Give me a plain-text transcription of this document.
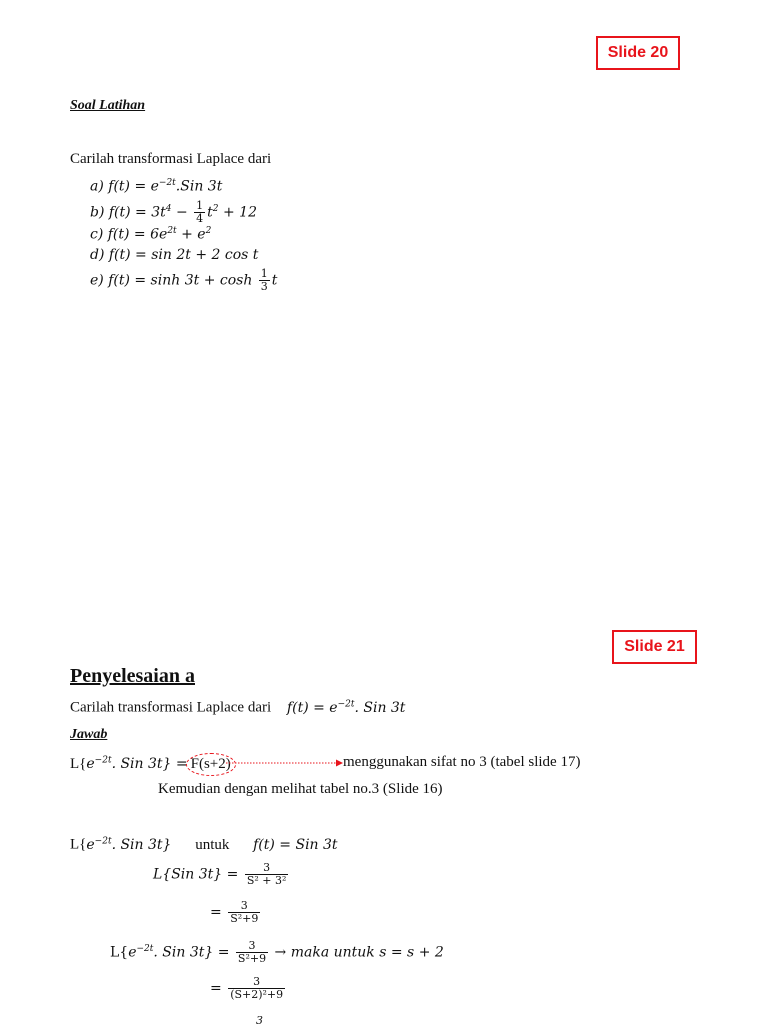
Slide 20
Soal Latihan
Carilah transformasi Laplace dari
a) $f(t) = e^{-2t}.Sin$ 3t
b) $f(t) = 3t^4 - \frac{1}{4} t^2 + 12$
c) $f(t) = 6e^{2t} + e^2$
d) f(t) = sin 2t + 2 cos t
e) $f(t) = \sinh 3t + \cosh \frac{1}{3}$ t
Slide 21
Penyelesaian a
Carilah transformasi Laplace dari $f(t) = e^{-2t}$. Sin 3t
Jawab
$L\{e^{-2t}$. Sin 3t} = F(s+2)	menggunakan sifat no 3 (tabel slide 17)
Kemudian dengan melihat tabel no.3 (Slide 16)
$L\{e^{-2t}$. Sin 3t} untuk f(t) = Sin 3t
L{Sin $3t\} = \frac{3}{\text{S² + 3²}}$
= $\frac{3}{\text{S²+9}}$
$L\{e^{-2t}$. Sin $3t\} = \frac{3}{\text{S²+9}}$ → maka untuk s = s + 2
= $\frac{3}{\text{(S+2)²+9}}$
3
